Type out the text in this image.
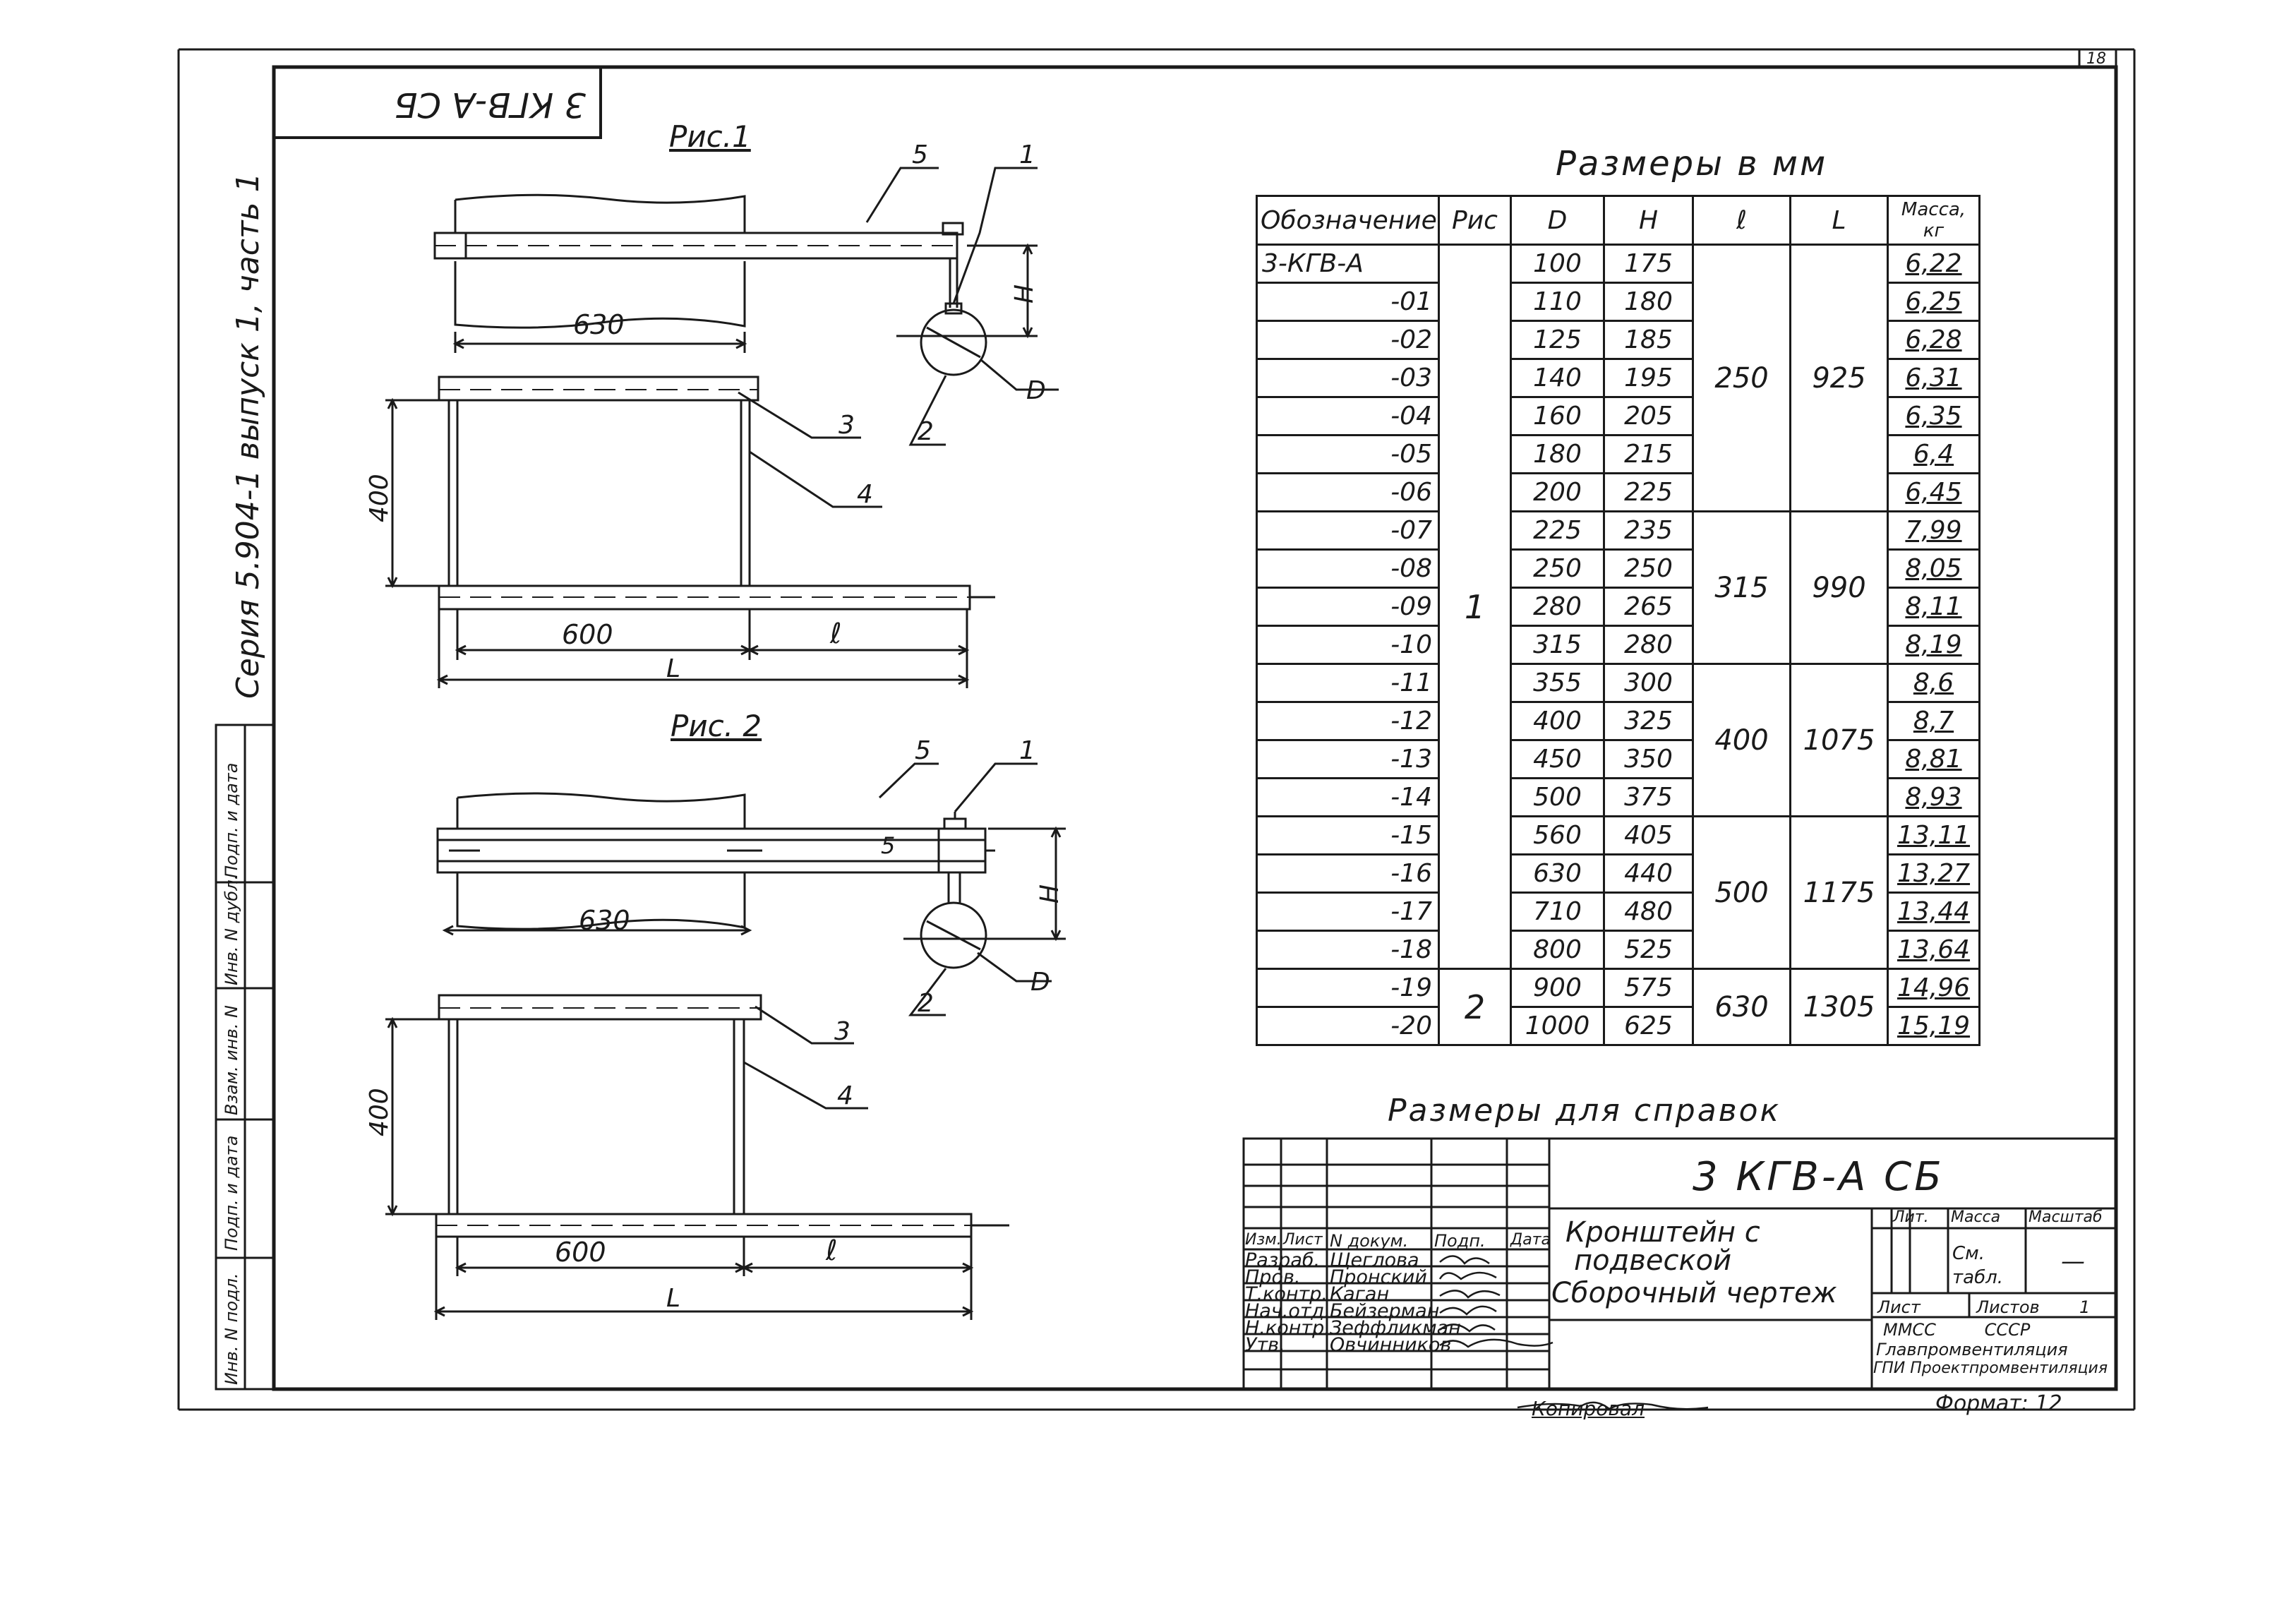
18
3 КГВ-А СБ
Серия 5.904-1 выпуск 1, часть 1
Инв. N подл.
Подп. и дата
Взам. инв. N
Инв. N дубл.
Подп. и дата
Рис.1
5	1
630
H
D
2
3
4
400
600	ℓ
L
Рис. 2
5	1
5
630
H
D
2
3
4
400
600	ℓ
L
Размеры в мм
Обозначение	Рис	D	H	ℓ	L	Масса, кг
3-КГВ-А	1	100	175	250	925	6,22
-01		110	180			6,25
-02		125	185			6,28
-03		140	195			6,31
-04		160	205			6,35
-05		180	215			6,4
-06		200	225			6,45
-07		225	235	315	990	7,99
-08		250	250			8,05
-09		280	265			8,11
-10		315	280			8,19
-11		355	300	400	1075	8,6
-12		400	325			8,7
-13		450	350			8,81
-14		500	375			8,93
-15		560	405	500	1175	13,11
-16		630	440			13,27
-17		710	480			13,44
-18		800	525			13,64
-19	2	900	575	630	1305	14,96
-20		1000	625			15,19
Размеры для справок
3 КГВ-А СБ
Кронштейн с
подвеской
Сборочный чертеж
Изм. Лист N докум. Подп. Дата
Разраб. Щеглова
Пров. Пронский
Т.контр. Каган
Нач.отд. Бейзерман
Н.контр. Зеффликман
Утв. Овчинников
Лит. Масса Масштаб
См. табл.
—
Лист	Листов 1
ММСС         СССР
Главпромвентиляция
ГПИ Проектпромвентиляция
Копировал	Формат: 12
